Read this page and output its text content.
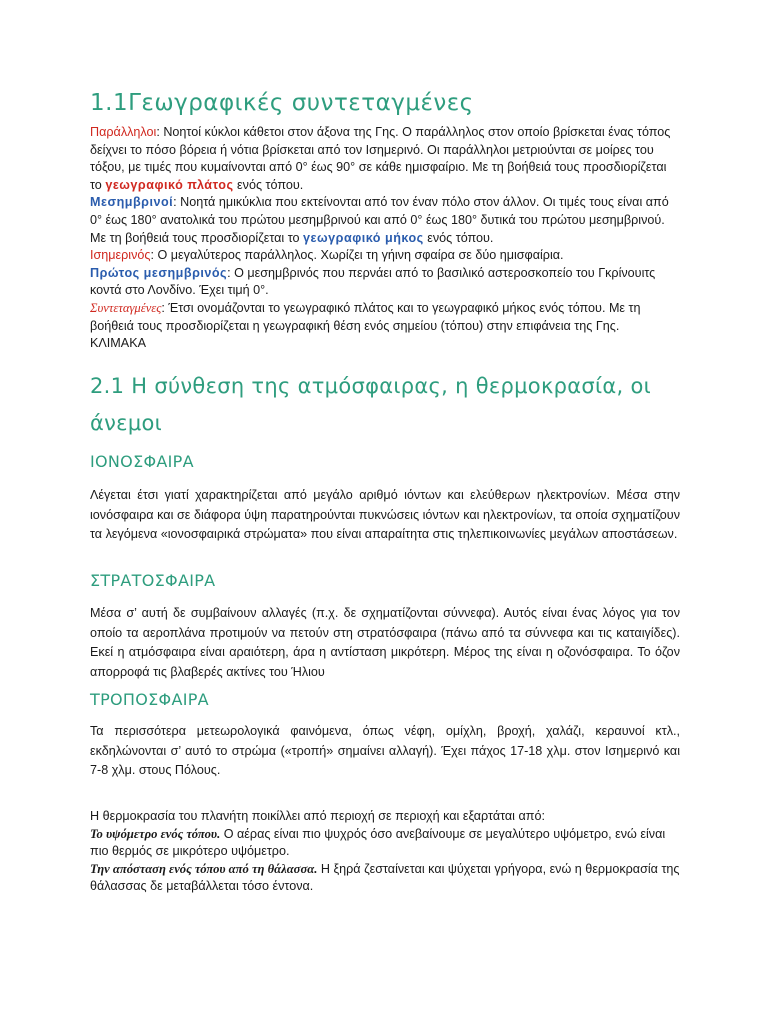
1.1Γεωγραφικές συντεταγμένες

Παράλληλοι: Νοητοί κύκλοι κάθετοι στον άξονα της Γης. Ο παράλληλος στον οποίο βρίσκεται ένας τόπος δείχνει το πόσο βόρεια ή νότια βρίσκεται από τον Ισημερινό. Οι παράλληλοι μετριούνται σε μοίρες του τόξου, με τιμές που κυμαίνονται από 0° έως 90° σε κάθε ημισφαίριο. Με τη βοήθειά τους προσδιορίζεται το γεωγραφικό πλάτος ενός τόπου.

Μεσημβρινοί: Νοητά ημικύκλια που εκτείνονται από τον έναν πόλο στον άλλον. Οι τιμές τους είναι από 0° έως 180° ανατολικά του πρώτου μεσημβρινού και από 0° έως 180° δυτικά του πρώτου μεσημβρινού. Με τη βοήθειά τους προσδιορίζεται το γεωγραφικό μήκος ενός τόπου.

Ισημερινός: Ο μεγαλύτερος παράλληλος. Χωρίζει τη γήινη σφαίρα σε δύο ημισφαίρια.

Πρώτος μεσημβρινός: Ο μεσημβρινός που περνάει από το βασιλικό αστεροσκοπείο του Γκρίνουιτς κοντά στο Λονδίνο. Έχει τιμή 0°.

Συντεταγμένες: Έτσι ονομάζονται το γεωγραφικό πλάτος και το γεωγραφικό μήκος ενός τόπου. Με τη βοήθειά τους προσδιορίζεται η γεωγραφική θέση ενός σημείου (τόπου) στην επιφάνεια της Γης.

ΚΛΙΜΑΚΑ

2.1 Η σύνθεση της ατμόσφαιρας, η θερμοκρασία, οι άνεμοι
ΙΟΝΟΣΦΑΙΡΑ

Λέγεται έτσι γιατί χαρακτηρίζεται από μεγάλο αριθμό ιόντων και ελεύθερων ηλεκτρονίων. Μέσα στην ιονόσφαιρα και σε διάφορα ύψη παρατηρούνται πυκνώσεις ιόντων και ηλεκτρονίων, τα οποία σχηματίζουν τα λεγόμενα «ιονοσφαιρικά στρώματα» που είναι απαραίτητα στις τηλεπικοινωνίες μεγάλων αποστάσεων.

ΣΤΡΑΤΟΣΦΑΙΡΑ

Μέσα σ’ αυτή δε συμβαίνουν αλλαγές (π.χ. δε σχηματίζονται σύννεφα). Αυτός είναι ένας λόγος για τον οποίο τα αεροπλάνα προτιμούν να πετούν στη στρατόσφαιρα (πάνω από τα σύννεφα και τις καταιγίδες). Εκεί η ατμόσφαιρα είναι αραιότερη, άρα η αντίσταση μικρότερη. Μέρος της είναι η οζονόσφαιρα. Το όζον απορροφά τις βλαβερές ακτίνες του Ήλιου

ΤΡΟΠΟΣΦΑΙΡΑ

Τα περισσότερα μετεωρολογικά φαινόμενα, όπως νέφη, ομίχλη, βροχή, χαλάζι, κεραυνοί κτλ., εκδηλώνονται σ’ αυτό το στρώμα («τροπή» σημαίνει αλλαγή). Έχει πάχος 17-18 χλμ. στον Ισημερινό και 7-8 χλμ. στους Πόλους.

Η θερμοκρασία του πλανήτη ποικίλλει από περιοχή σε περιοχή και εξαρτάται από:

Το υψόμετρο ενός τόπου. Ο αέρας είναι πιο ψυχρός όσο ανεβαίνουμε σε μεγαλύτερο υψόμετρο, ενώ είναι πιο θερμός σε μικρότερο υψόμετρο.

Την απόσταση ενός τόπου από τη θάλασσα. Η ξηρά ζεσταίνεται και ψύχεται γρήγορα, ενώ η θερμοκρασία της θάλασσας δε μεταβάλλεται τόσο έντονα.
